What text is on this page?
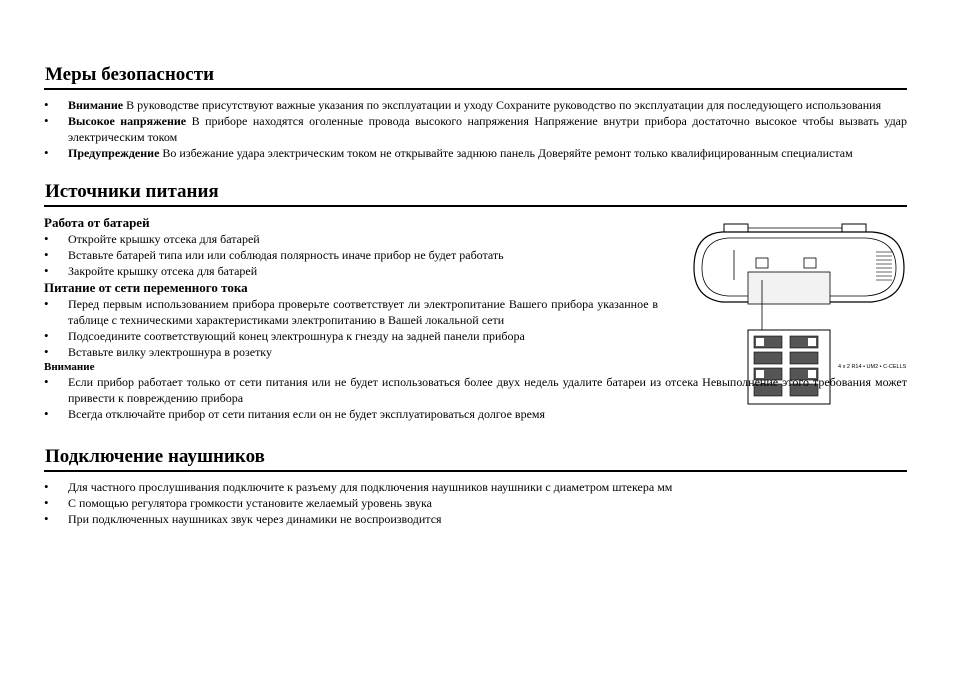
Меры безопасности
• Внимание В руководстве присутствуют важные указания по эксплуатации и уходу Сохраните руководство по эксплуатации для последующего использования
• Высокое напряжение В приборе находятся оголенные провода высокого напряжения Напряжение внутри прибора достаточно высокое чтобы вызвать удар электрическим током
• Предупреждение Во избежание удара электрическим током не открывайте заднюю панель Доверяйте ремонт только квалифицированным специалистам
Источники питания

Работа от батарей

• Откройте крышку отсека для батарей
• Вставьте батарей типа или или соблюдая полярность иначе прибор не будет работать
• Закройте крышку отсека для батарей

Питание от сети переменного тока

• Перед первым использованием прибора проверьте соответствует ли электропитание Вашего прибора указанное в таблице с техническими характеристиками электропитанию в Вашей локальной сети
• Подсоедините соответствующий конец электрошнура к гнезду на задней панели прибора
• Вставьте вилку электрошнура в розетку
4 x 2 R14 • UM2 • C-CELLS

Внимание

• Если прибор работает только от сети питания или не будет использоваться более двух недель удалите батареи из отсека Невыполнение этого требования может привести к повреждению прибора
• Всегда отключайте прибор от сети питания если он не будет эксплуатироваться долгое время
Подключение наушников
• Для частного прослушивания подключите к разъему для подключения наушников наушники с диаметром штекера мм
• С помощью регулятора громкости установите желаемый уровень звука
• При подключенных наушниках звук через динамики не воспроизводится
